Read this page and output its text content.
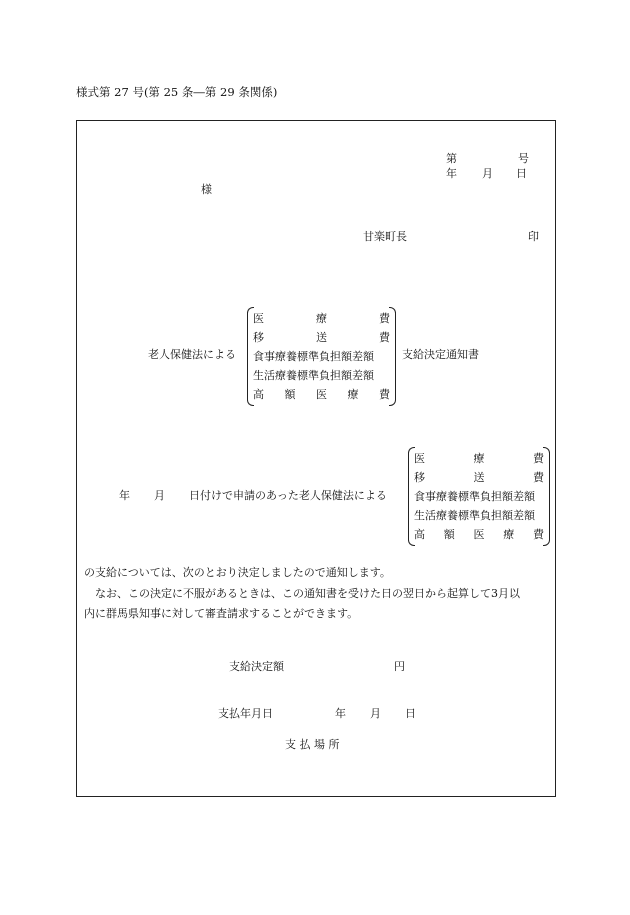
様式第 27 号(第 25 条―第 29 条関係)
第	号
年 月 日
様
甘楽町長	印
老人保健法による
医	療	費
移	送	費
食事療養標準負担額差額
生活療養標準負担額差額
高 額 医 療 費
支給決定通知書
年 月 日付けで申請のあった老人保健法による
医	療	費
移	送	費
食事療養標準負担額差額
生活療養標準負担額差額
高 額 医 療 費
の支給については、次のとおり決定しましたので通知します。
なお、この決定に不服があるときは、この通知書を受けた日の翌日から起算して3月以
内に群馬県知事に対して審査請求することができます。
支給決定額	円
支払年月日	年 月 日
支 払 場 所
